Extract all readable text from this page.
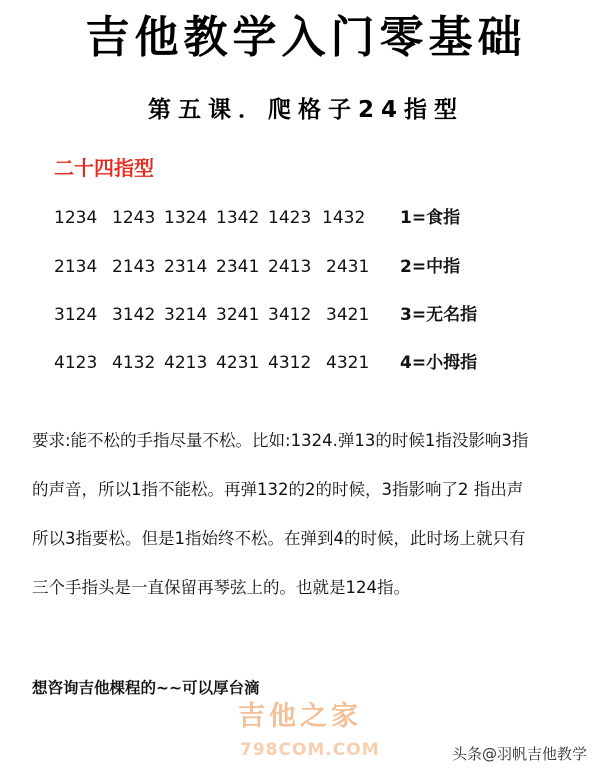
吉他教学入门零基础
第五课．爬格子24指型
二十四指型
1234 1243 1324 1342 1423 1432 1=食指
2134 2143 2314 2341 2413 2431 2=中指
3124 3142 3214 3241 3412 3421 3=无名指
4123 4132 4213 4231 4312 4321 4=小拇指
要求:能不松的手指尽量不松。比如:1324.弹13的时候1指没影响3指
的声音，所以1指不能松。再弹132的2的时候，3指影响了2 指出声
所以3指要松。但是1指始终不松。在弹到4的时候，此时场上就只有
三个手指头是一直保留再琴弦上的。也就是124指。
想咨询吉他棵程的~~可以厚台滴
吉他之家
798COM.COM	头条@羽帆吉他教学
